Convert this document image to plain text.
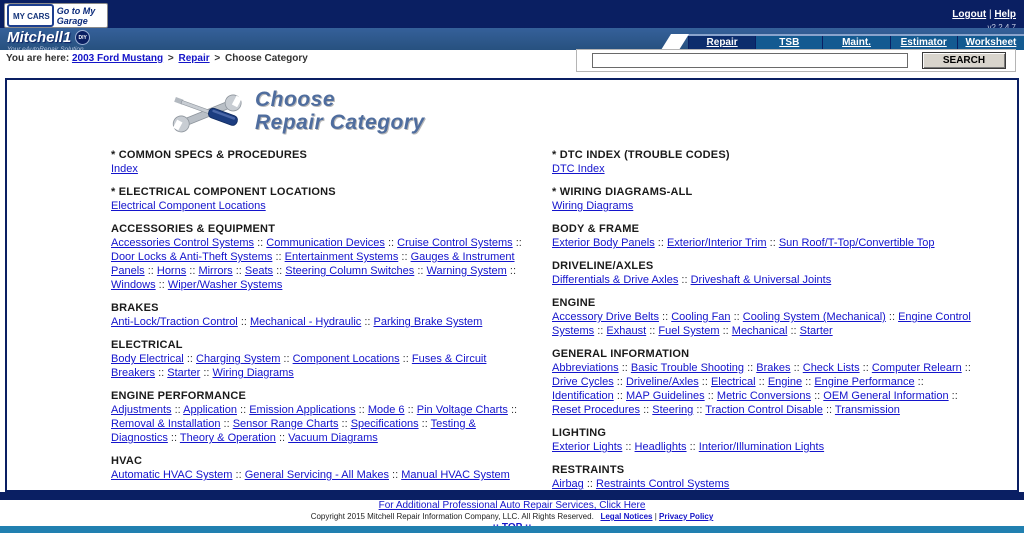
MY CARS
Go to My Garage
Logout | Help
Mitchell1	DIY	Repair	TSB	Maint.	Estimator	Worksheet
You are here: 2003 Ford Mustang > Repair > Choose Category	SEARCH
Choose
Repair Category
* COMMON SPECS & PROCEDURES
Index
* ELECTRICAL COMPONENT LOCATIONS
Electrical Component Locations
ACCESSORIES & EQUIPMENT
Accessories Control Systems :: Communication Devices :: Cruise Control Systems :: Door Locks & Anti-Theft Systems :: Entertainment Systems :: Gauges & Instrument Panels :: Horns :: Mirrors :: Seats :: Steering Column Switches :: Warning System :: Windows :: Wiper/Washer Systems
BRAKES
Anti-Lock/Traction Control :: Mechanical - Hydraulic :: Parking Brake System
ELECTRICAL
Body Electrical :: Charging System :: Component Locations :: Fuses & Circuit Breakers :: Starter :: Wiring Diagrams
ENGINE PERFORMANCE
Adjustments :: Application :: Emission Applications :: Mode 6 :: Pin Voltage Charts :: Removal & Installation :: Sensor Range Charts :: Specifications :: Testing & Diagnostics :: Theory & Operation :: Vacuum Diagrams
HVAC
Automatic HVAC System :: General Servicing - All Makes :: Manual HVAC System
* DTC INDEX (TROUBLE CODES)
DTC Index
* WIRING DIAGRAMS-ALL
Wiring Diagrams
BODY & FRAME
Exterior Body Panels :: Exterior/Interior Trim :: Sun Roof/T-Top/Convertible Top
DRIVELINE/AXLES
Differentials & Drive Axles :: Driveshaft & Universal Joints
ENGINE
Accessory Drive Belts :: Cooling Fan :: Cooling System (Mechanical) :: Engine Control Systems :: Exhaust :: Fuel System :: Mechanical :: Starter
GENERAL INFORMATION
Abbreviations :: Basic Trouble Shooting :: Brakes :: Check Lists :: Computer Relearn :: Drive Cycles :: Driveline/Axles :: Electrical :: Engine :: Engine Performance :: Identification :: MAP Guidelines :: Metric Conversions :: OEM General Information :: Reset Procedures :: Steering :: Traction Control Disable :: Transmission
LIGHTING
Exterior Lights :: Headlights :: Interior/Illumination Lights
RESTRAINTS
Airbag :: Restraints Control Systems
For Additional Professional Auto Repair Services, Click Here
Copyright 2015 Mitchell Repair Information Company, LLC. All Rights Reserved. Legal Notices | Privacy Policy
